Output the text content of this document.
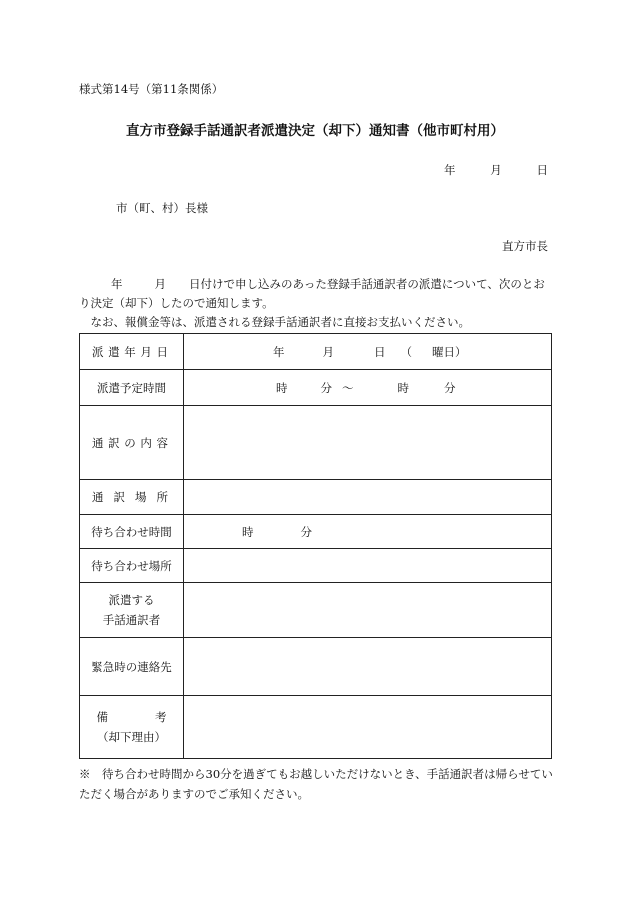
様式第14号（第11条関係）
直方市登録手話通訳者派遣決定（却下）通知書（他市町村用）
年	月	日
市（町、村）長様
直方市長

年	月 日付けで申し込みのあった登録手話通訳者の派遣について、次のとおり決定（却下）したので通知します。

　なお、報償金等は、派遣される登録手話通訳者に直接お支払いください。

派 遣 年 月 日	年 月 日 （ 曜日）

派遣予定時間	時 分 ～ 時 分

通 訳 の 内 容	

通 訳 場 所	

待ち合わせ時間	時 分

待ち合わせ場所	

派遣する
手話通訳者	

緊急時の連絡先	

備 考
（却下理由）	

※　待ち合わせ時間から30分を過ぎてもお越しいただけないとき、手話通訳者は帰らせていただく場合がありますのでご承知ください。
